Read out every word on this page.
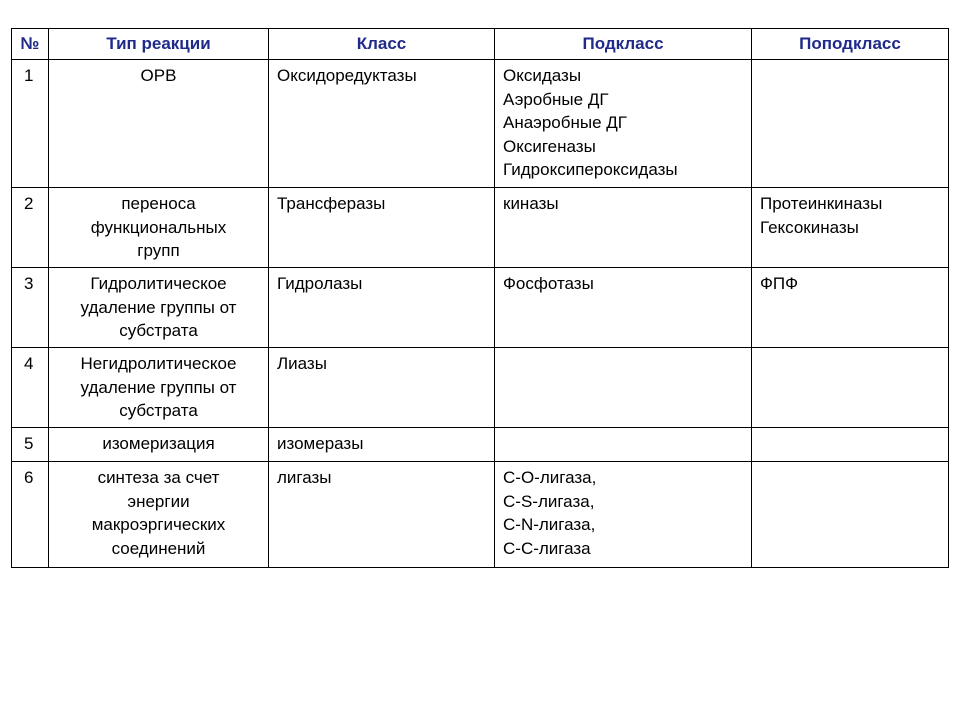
№	Тип реакции	Класс	Подкласс	Поподкласс
1	ОРВ	Оксидоредуктазы	Оксидазы
Аэробные ДГ
Анаэробные ДГ
Оксигеназы
Гидроксипероксидазы	

2	переноса
функциональных
групп	Трансферазы	киназы	Протеинкиназы
Гексокиназы

3	Гидролитическое
удаление группы от
субстрата	Гидролазы	Фосфотазы	ФПФ

4	Негидролитическое
удаление группы от
субстрата	Лиазы		

5	изомеризация	изомеразы		

6	синтеза за счет
энергии
макроэргических
соединений	лигазы	С-О-лигаза,
С-S-лигаза,
С-N-лигаза,
С-С-лигаза	
